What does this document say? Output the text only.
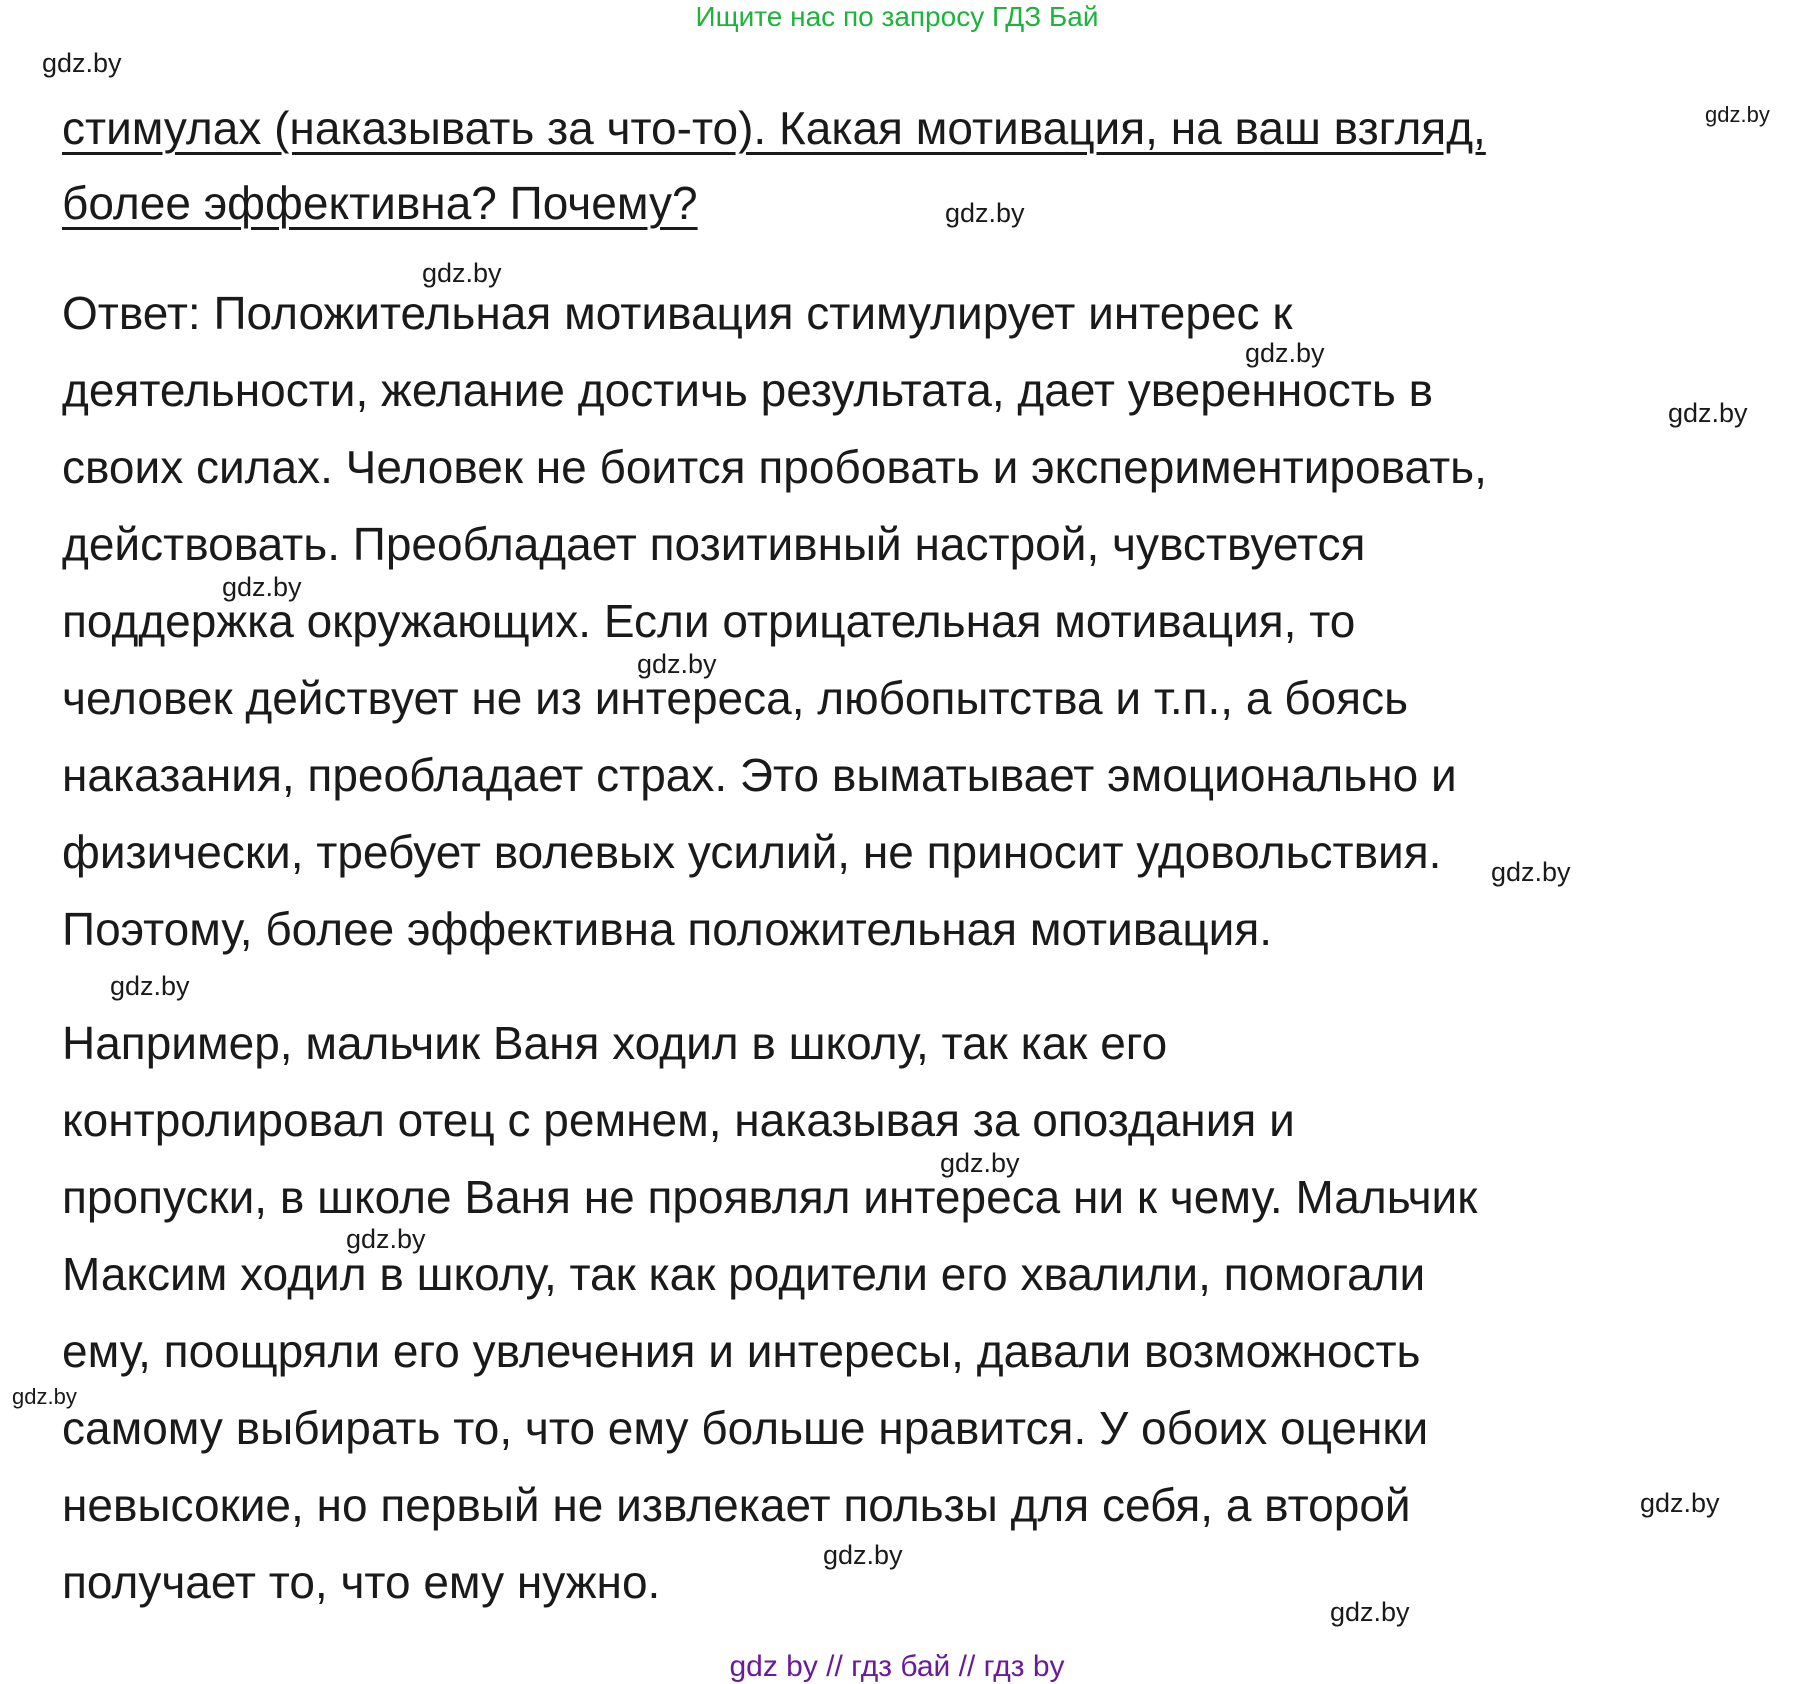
Ищите нас по запросу ГДЗ Бай
стимулах (наказывать за что-то). Какая мотивация, на ваш взгляд,
более эффективна? Почему?
Ответ: Положительная мотивация стимулирует интерес к
деятельности, желание достичь результата, дает уверенность в
своих силах. Человек не боится пробовать и экспериментировать,
действовать. Преобладает позитивный настрой, чувствуется
поддержка окружающих. Если отрицательная мотивация, то
человек действует не из интереса, любопытства и т.п., а боясь
наказания, преобладает страх. Это выматывает эмоционально и
физически, требует волевых усилий, не приносит удовольствия.
Поэтому, более эффективна положительная мотивация.
Например, мальчик Ваня ходил в школу, так как его
контролировал отец с ремнем, наказывая за опоздания и
пропуски, в школе Ваня не проявлял интереса ни к чему. Мальчик
Максим ходил в школу, так как родители его хвалили, помогали
ему, поощряли его увлечения и интересы, давали возможность
самому выбирать то, что ему больше нравится. У обоих оценки
невысокие, но первый не извлекает пользы для себя, а второй
получает то, что ему нужно.
gdz.by
gdz.by
gdz.by
gdz.by
gdz.by
gdz.by
gdz.by
gdz.by
gdz.by
gdz.by
gdz.by
gdz.by
gdz.by
gdz.by
gdz.by
gdz.by
gdz by // гдз бай // гдз by
